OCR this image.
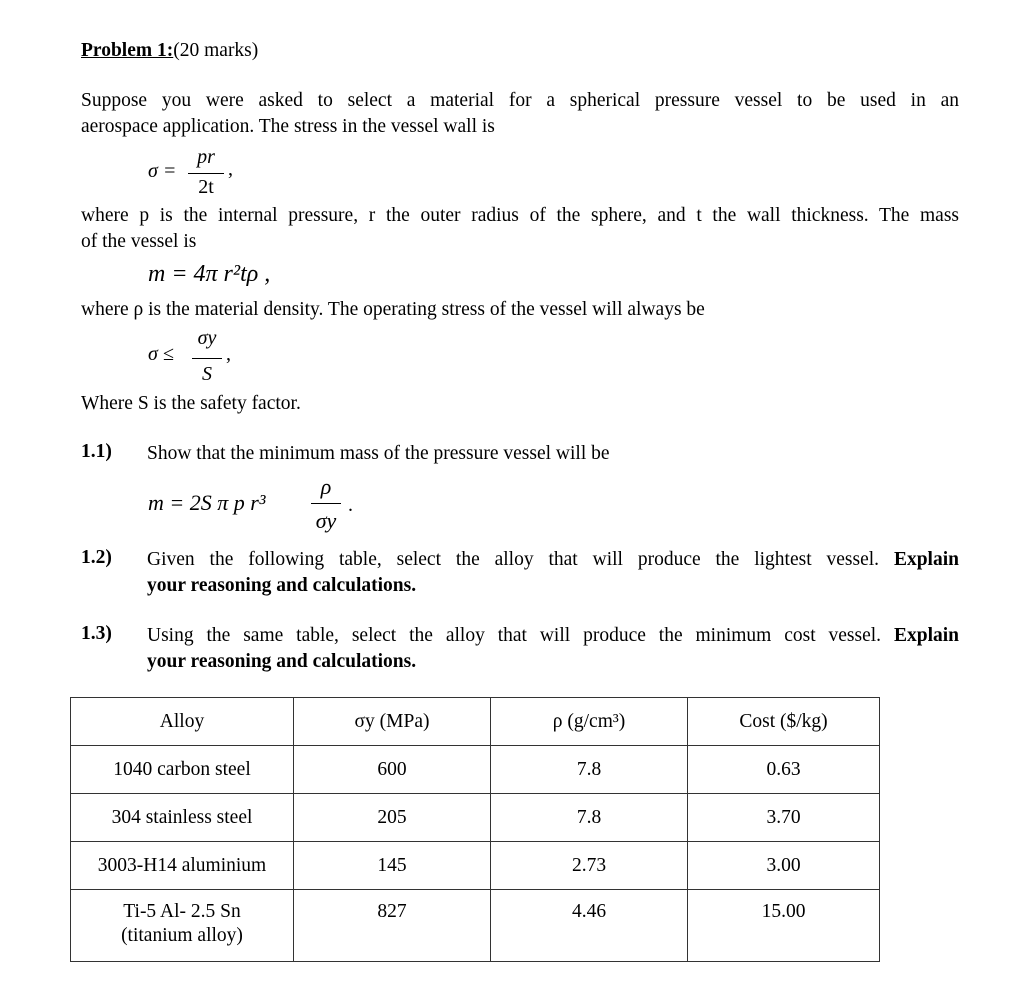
Problem 1:(20 marks)
Suppose you were asked to select a material for a spherical pressure vessel to be used in an
aerospace application. The stress in the vessel wall is
σ =
pr
2t
,
where p is the internal pressure, r the outer radius of the sphere, and t the wall thickness. The mass
of the vessel is
m = 4π r²tρ ,
where ρ is the material density. The operating stress of the vessel will always be
σ ≤
σy
S
,
Where S is the safety factor.
1.1) Show that the minimum mass of the pressure vessel will be
m = 2S π p r³
ρ
σy
.
1.2) Given the following table, select the alloy that will produce the lightest vessel. Explain
your reasoning and calculations.
1.3) Using the same table, select the alloy that will produce the minimum cost vessel. Explain
your reasoning and calculations.
Alloy	σy (MPa)	ρ (g/cm³)	Cost ($/kg)
1040 carbon steel	600	7.8	0.63
304 stainless steel	205	7.8	3.70
3003-H14 aluminium	145	2.73	3.00

Ti-5 Al- 2.5 Sn
(titanium alloy)	827	4.46	15.00
